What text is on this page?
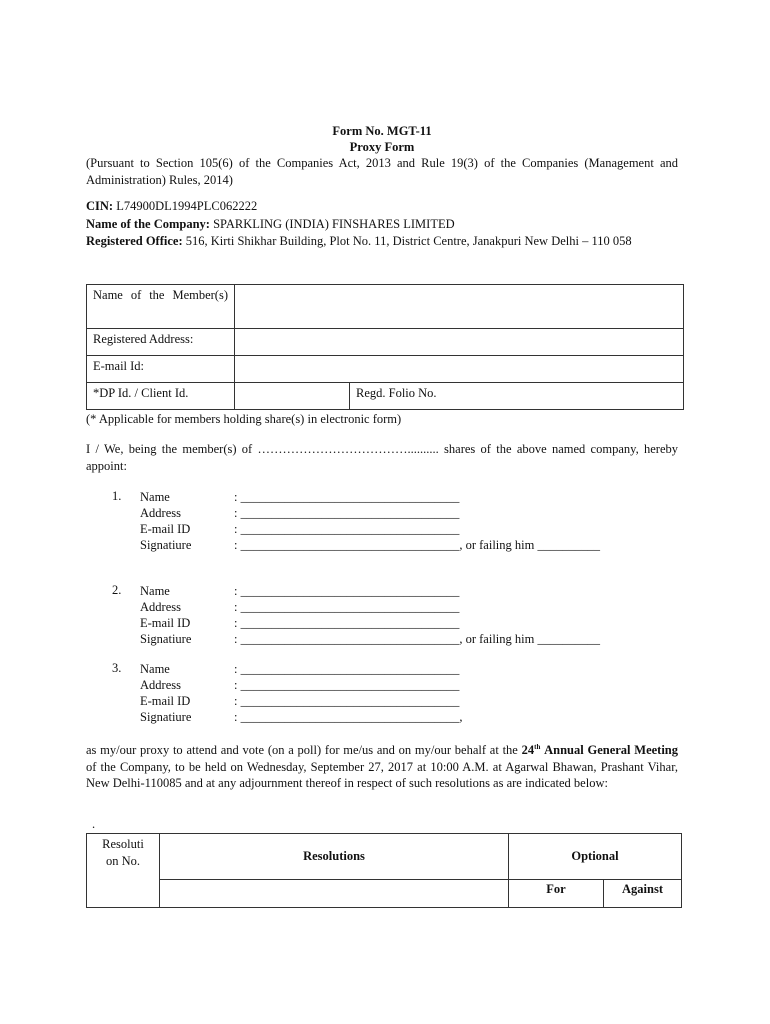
Form No. MGT-11
Proxy Form
(Pursuant to Section 105(6) of the Companies Act, 2013 and Rule 19(3) of the Companies (Management and Administration) Rules, 2014)
CIN: L74900DL1994PLC062222
Name of the Company: SPARKLING (INDIA) FINSHARES LIMITED
Registered Office: 516, Kirti Shikhar Building, Plot No. 11, District Centre, Janakpuri New Delhi – 110 058
Name of the Member(s)		
Registered Address:		
E-mail Id:		
*DP Id. / Client Id.		Regd. Folio No.
(* Applicable for members holding share(s) in electronic form)
I / We, being the member(s) of ……………………………….......... shares of the above named company, hereby appoint:
1. Name	: ___________________________________
Address	: ___________________________________
E-mail ID	: ___________________________________
Signatiure	: ___________________________________, or failing him __________
2. Name	: ___________________________________
Address	: ___________________________________
E-mail ID	: ___________________________________
Signatiure	: ___________________________________, or failing him __________
3. Name	: ___________________________________
Address	: ___________________________________
E-mail ID	: ___________________________________
Signatiure	: ___________________________________,
as my/our proxy to attend and vote (on a poll) for me/us and on my/our behalf at the 24th Annual General Meeting of the Company, to be held on Wednesday, September 27, 2017 at 10:00 A.M. at Agarwal Bhawan, Prashant Vihar, New Delhi-110085 and at any adjournment thereof in respect of such resolutions as are indicated below:
.
Resoluti on No.	Resolutions	Optional	
		For	Against
